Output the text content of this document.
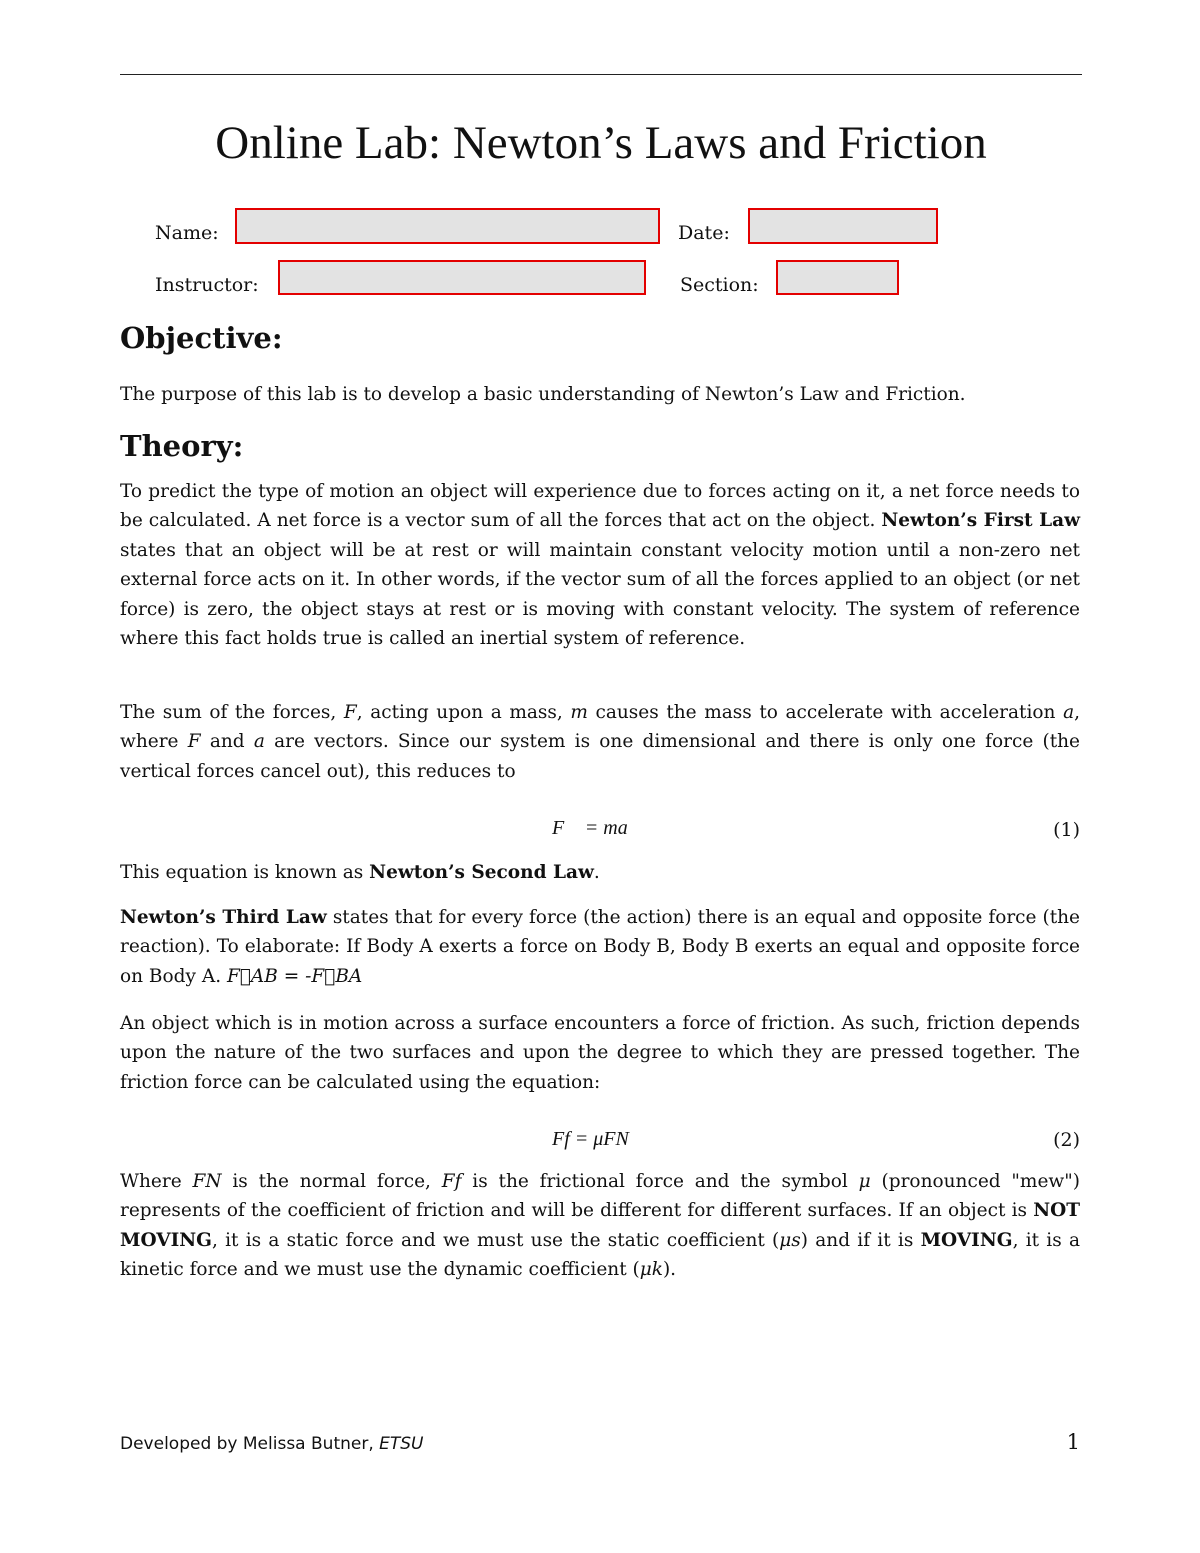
Online Lab: Newton’s Laws and Friction
Name:	Date:
Instructor:	Section:
Objective:

The purpose of this lab is to develop a basic understanding of Newton’s Law and Friction.

Theory:

To predict the type of motion an object will experience due to forces acting on it, a net force needs to be calculated. A net force is a vector sum of all the forces that act on the object. Newton’s First Law states that an object will be at rest or will maintain constant velocity motion until a non-zero net external force acts on it. In other words, if the vector sum of all the forces applied to an object (or net force) is zero, the object stays at rest or is moving with constant velocity. The system of reference where this fact holds true is called an inertial system of reference.

The sum of the forces, F, acting upon a mass, m causes the mass to accelerate with acceleration a, where F and a are vectors. Since our system is one dimensional and there is only one force (the vertical forces cancel out), this reduces to

F⃗ = ma⃗	(1)

This equation is known as Newton’s Second Law.

Newton’s Third Law states that for every force (the action) there is an equal and opposite force (the reaction). To elaborate: If Body A exerts a force on Body B, Body B exerts an equal and opposite force on Body A. F⃗AB = -F⃗BA

An object which is in motion across a surface encounters a force of friction. As such, friction depends upon the nature of the two surfaces and upon the degree to which they are pressed together. The friction force can be calculated using the equation:

Ff = μFN	(2)

Where FN is the normal force, Ff is the frictional force and the symbol μ (pronounced "mew") represents of the coefficient of friction and will be different for different surfaces. If an object is NOT MOVING, it is a static force and we must use the static coefficient (μs) and if it is MOVING, it is a kinetic force and we must use the dynamic coefficient (μk).

Developed by Melissa Butner, ETSU	1
